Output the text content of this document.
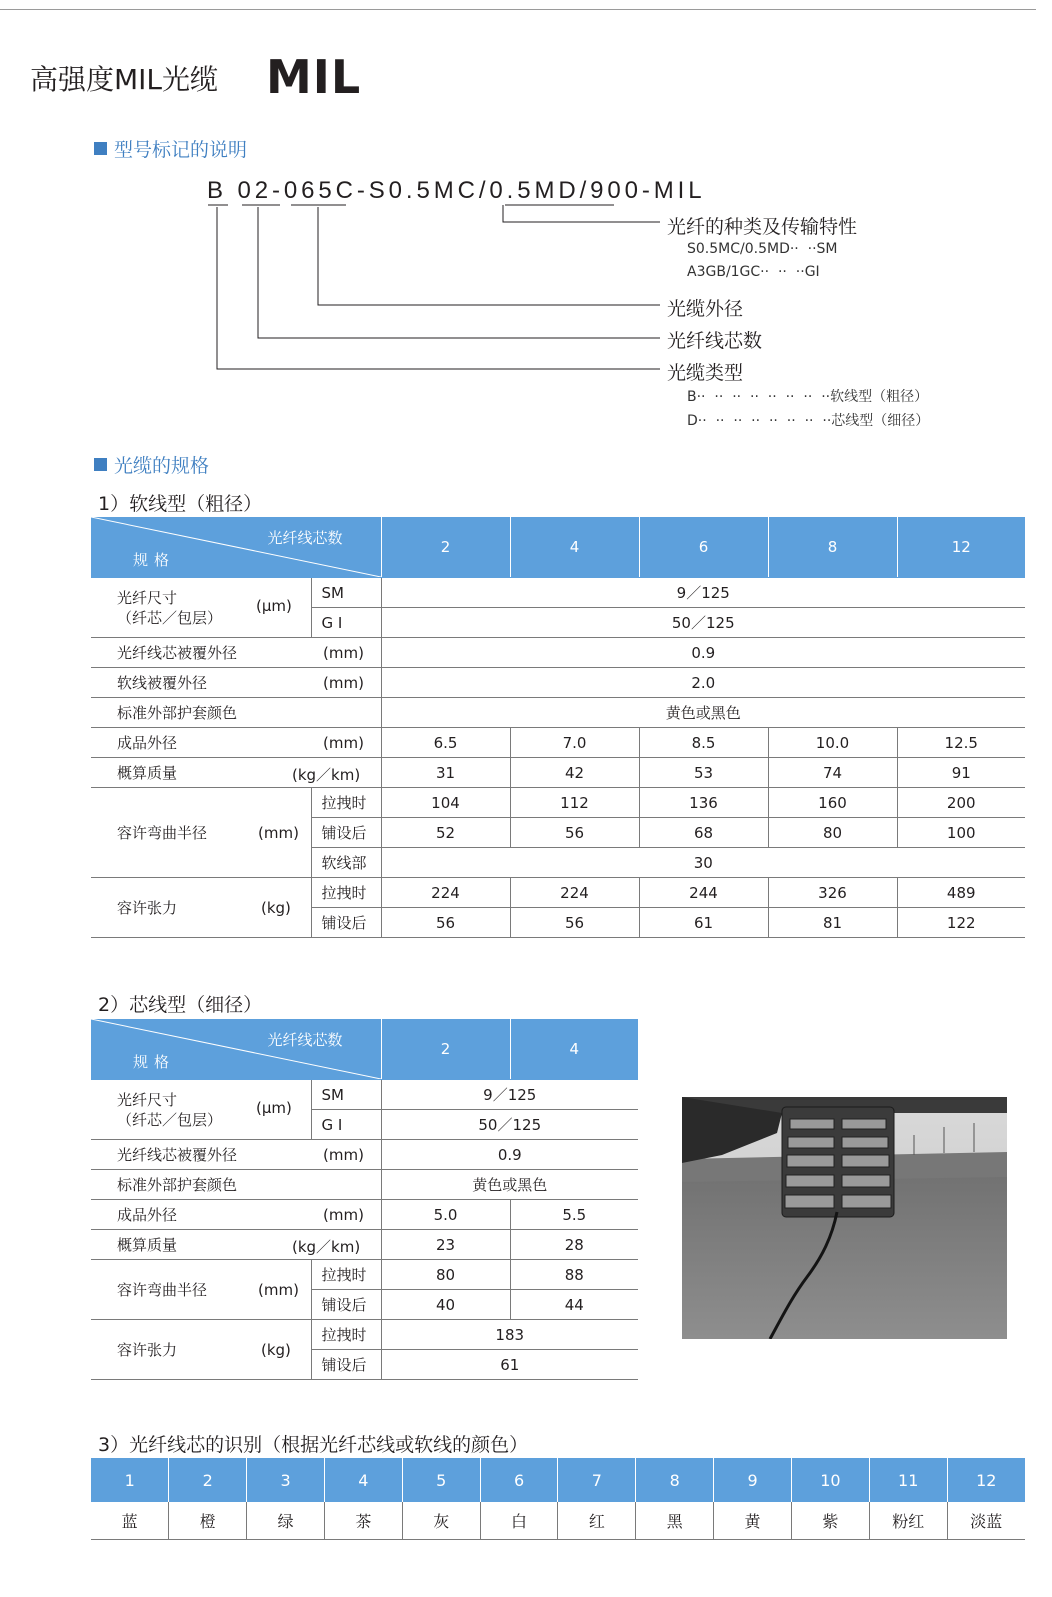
高强度MIL光缆 MIL
型号标记的说明
B 02-065C-S0.5MC/0.5MD/900-MIL
光纤的种类及传输特性
S0.5MC/0.5MD··  ··SM
A3GB/1GC··  ··  ··GI
光缆外径
光纤线芯数
光缆类型
B··  ··  ··  ··  ··  ··  ··  ··软线型（粗径）
D··  ··  ··  ··  ··  ··  ··  ··芯线型（细径）
光缆的规格
1）软线型（粗径）
光纤线芯数
规格		2	4	6	8	12
光纤尺寸
（纤芯／包层）
(μm)	SM	9／125				
	G I	50／125				
光纤线芯被覆外径 (mm)		0.9				
软线被覆外径 (mm)		2.0				
标准外部护套颜色		黄色或黑色				
成品外径 (mm)		6.5	7.0	8.5	10.0	12.5
概算质量 (kg／km)		31	42	53	74	91
容许弯曲半径 (mm)	拉拽时	104	112	136	160	200
	铺设后	52	56	68	80	100
	软线部	30				
容许张力 (kg)	拉拽时	224	224	244	326	489
	铺设后	56	56	61	81	122
2）芯线型（细径）
光纤线芯数
规格		2	4
光纤尺寸
（纤芯／包层）
(μm)	SM	9／125	
	G I	50／125	
光纤线芯被覆外径 (mm)		0.9	
标准外部护套颜色		黄色或黑色	
成品外径 (mm)		5.0	5.5
概算质量 (kg／km)		23	28
容许弯曲半径 (mm)	拉拽时	80	88
	铺设后	40	44
容许张力 (kg)	拉拽时	183	
	铺设后	61	
3）光纤线芯的识别（根据光纤芯线或软线的颜色）
1	2	3	4	5	6	7	8	9	10	11	12
蓝	橙	绿	茶	灰	白	红	黑	黄	紫	粉红	淡蓝
